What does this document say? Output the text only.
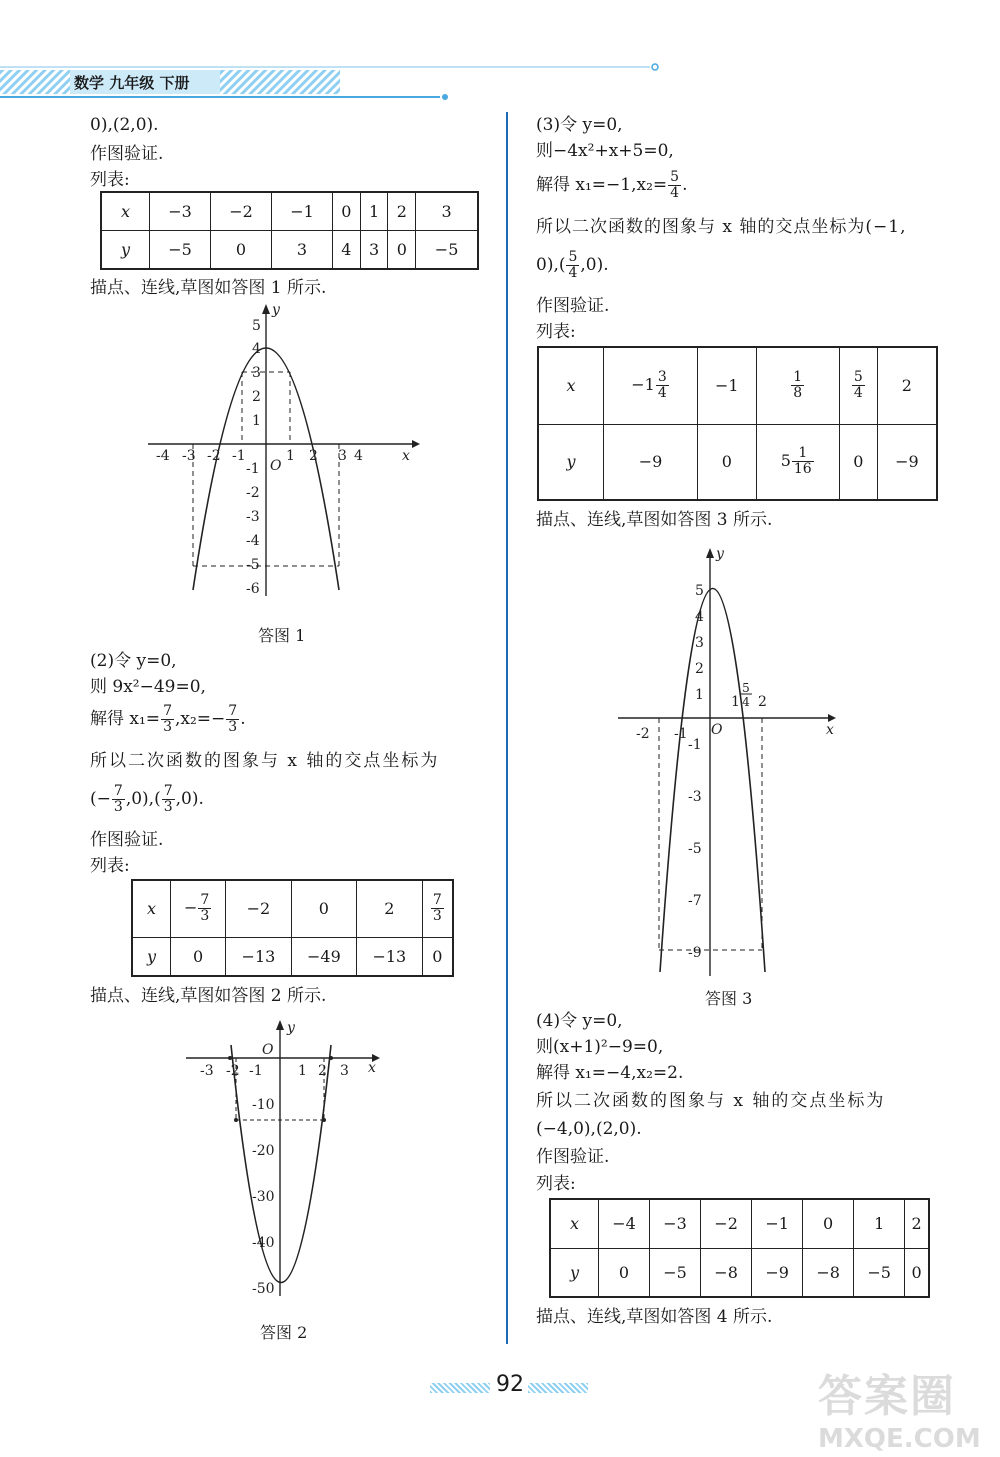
数学 九年级 下册
0),(2,0).
作图验证.
列表:
x	−3	−2	−1	0	1	2	3
y	−5	0	3	4	3	0	−5
描点、连线,草图如答图 1 所示.
-4 -3 -2 -1	1 2 3 4
O
x
y
5
4
3
2
1
-1
-2
-3
-4
-5
-6
答图 1
(2)令 y=0,
则 9x²−49=0,
解得 $x_1= \frac{7}{3} ,x_2=- \frac{7}{3}$ .
所以二次函数的图象与 x 轴的交点坐标为
(− $\frac{7}{3} ,0),( \frac{7}{3} ,0)$.
作图验证.
列表:
x	− $\frac{7}{3}$	−2	0	2	$\frac{7}{3}$

y	0	−13	−49	−13	0
描点、连线,草图如答图 2 所示.
-3 -2 -1	1 2 3
O
x
y
-10
-20
-30
-40
-50
答图 2
(3)令 y=0,
则−4x²+x+5=0,
解得 $x_1=-1,x_2= \frac{5}{4}$ .
所以二次函数的图象与 x 轴的交点坐标为(−1,
$0),( \frac{5}{4} ,0)$.
作图验证.
列表:
x	$-1 \frac{3}{4}$	−1	$\frac{1}{8}$	$\frac{5}{4}$	2
y	−9	0	$5 \frac{1}{16}$	0	−9
描点、连线,草图如答图 3 所示.
-2 -1
1 2
5
4
O	x
y
5
4
3
2
1
-1
-3
-5
-7
-9
答图 3
(4)令 y=0,
则(x+1)²−9=0,
解得 x₁=−4,x₂=2.
所以二次函数的图象与 x 轴的交点坐标为
(−4,0),(2,0).
作图验证.
列表:
x	−4	−3	−2	−1	0	1	2
y	0	−5	−8	−9	−8	−5	0
描点、连线,草图如答图 4 所示.
92	答案圈
MXQE.COM
